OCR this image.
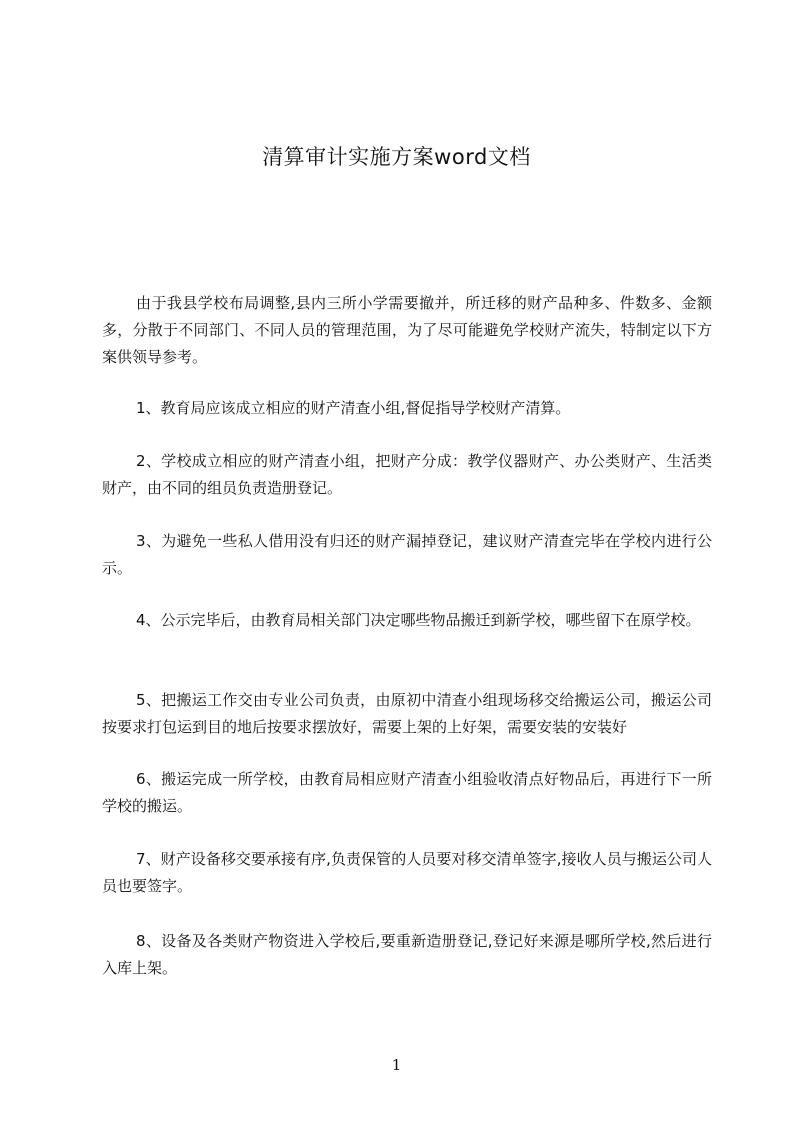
清算审计实施方案word文档
由于我县学校布局调整,县内三所小学需要撤并，所迁移的财产品种多、件数多、金额多，分散于不同部门、不同人员的管理范围，为了尽可能避免学校财产流失，特制定以下方案供领导参考。
1、教育局应该成立相应的财产清查小组,督促指导学校财产清算。
2、学校成立相应的财产清查小组，把财产分成：教学仪器财产、办公类财产、生活类财产，由不同的组员负责造册登记。
3、为避免一些私人借用没有归还的财产漏掉登记，建议财产清查完毕在学校内进行公示。
4、公示完毕后，由教育局相关部门决定哪些物品搬迁到新学校，哪些留下在原学校。
5、把搬运工作交由专业公司负责，由原初中清查小组现场移交给搬运公司，搬运公司按要求打包运到目的地后按要求摆放好，需要上架的上好架，需要安装的安装好
6、搬运完成一所学校，由教育局相应财产清查小组验收清点好物品后，再进行下一所学校的搬运。
7、财产设备移交要承接有序,负责保管的人员要对移交清单签字,接收人员与搬运公司人员也要签字。
8、设备及各类财产物资进入学校后,要重新造册登记,登记好来源是哪所学校,然后进行入库上架。
1
